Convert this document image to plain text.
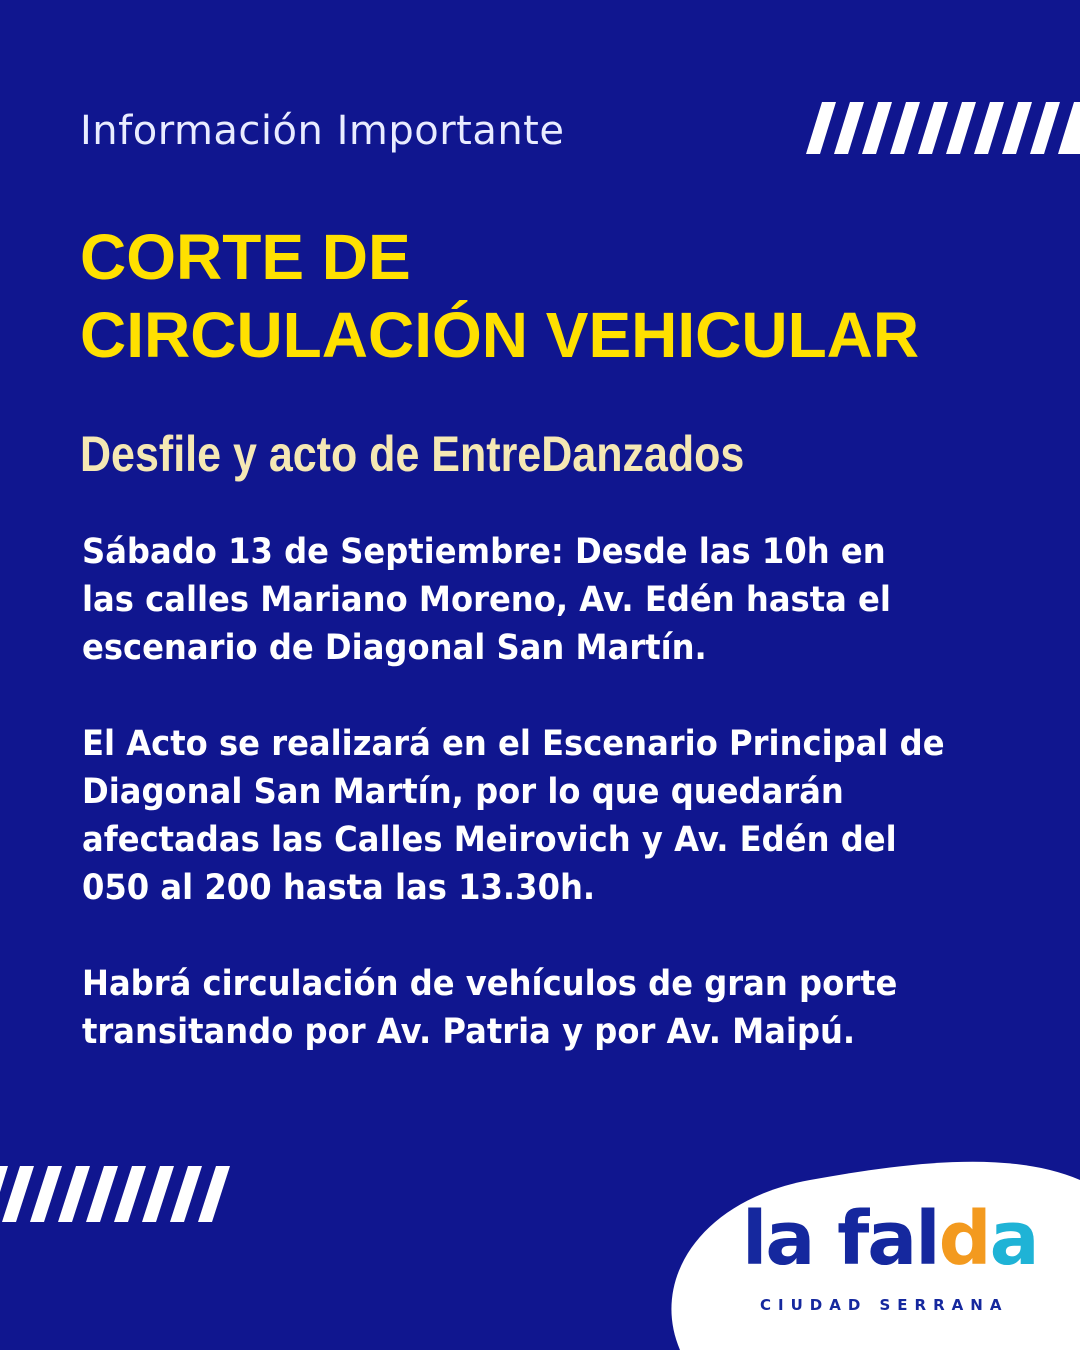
Información Importante
CORTE DE
CIRCULACIÓN VEHICULAR
Desfile y acto de EntreDanzados

Sábado 13 de Septiembre: Desde las 10h en las calles Mariano Moreno, Av. Edén hasta el escenario de Diagonal San Martín.

El Acto se realizará en el Escenario Principal de Diagonal San Martín, por lo que quedarán afectadas las Calles Meirovich y Av. Edén del 050 al 200 hasta las 13.30h.

Habrá circulación de vehículos de gran porte transitando por Av. Patria y por Av. Maipú.

la falda
CIUDAD SERRANA
